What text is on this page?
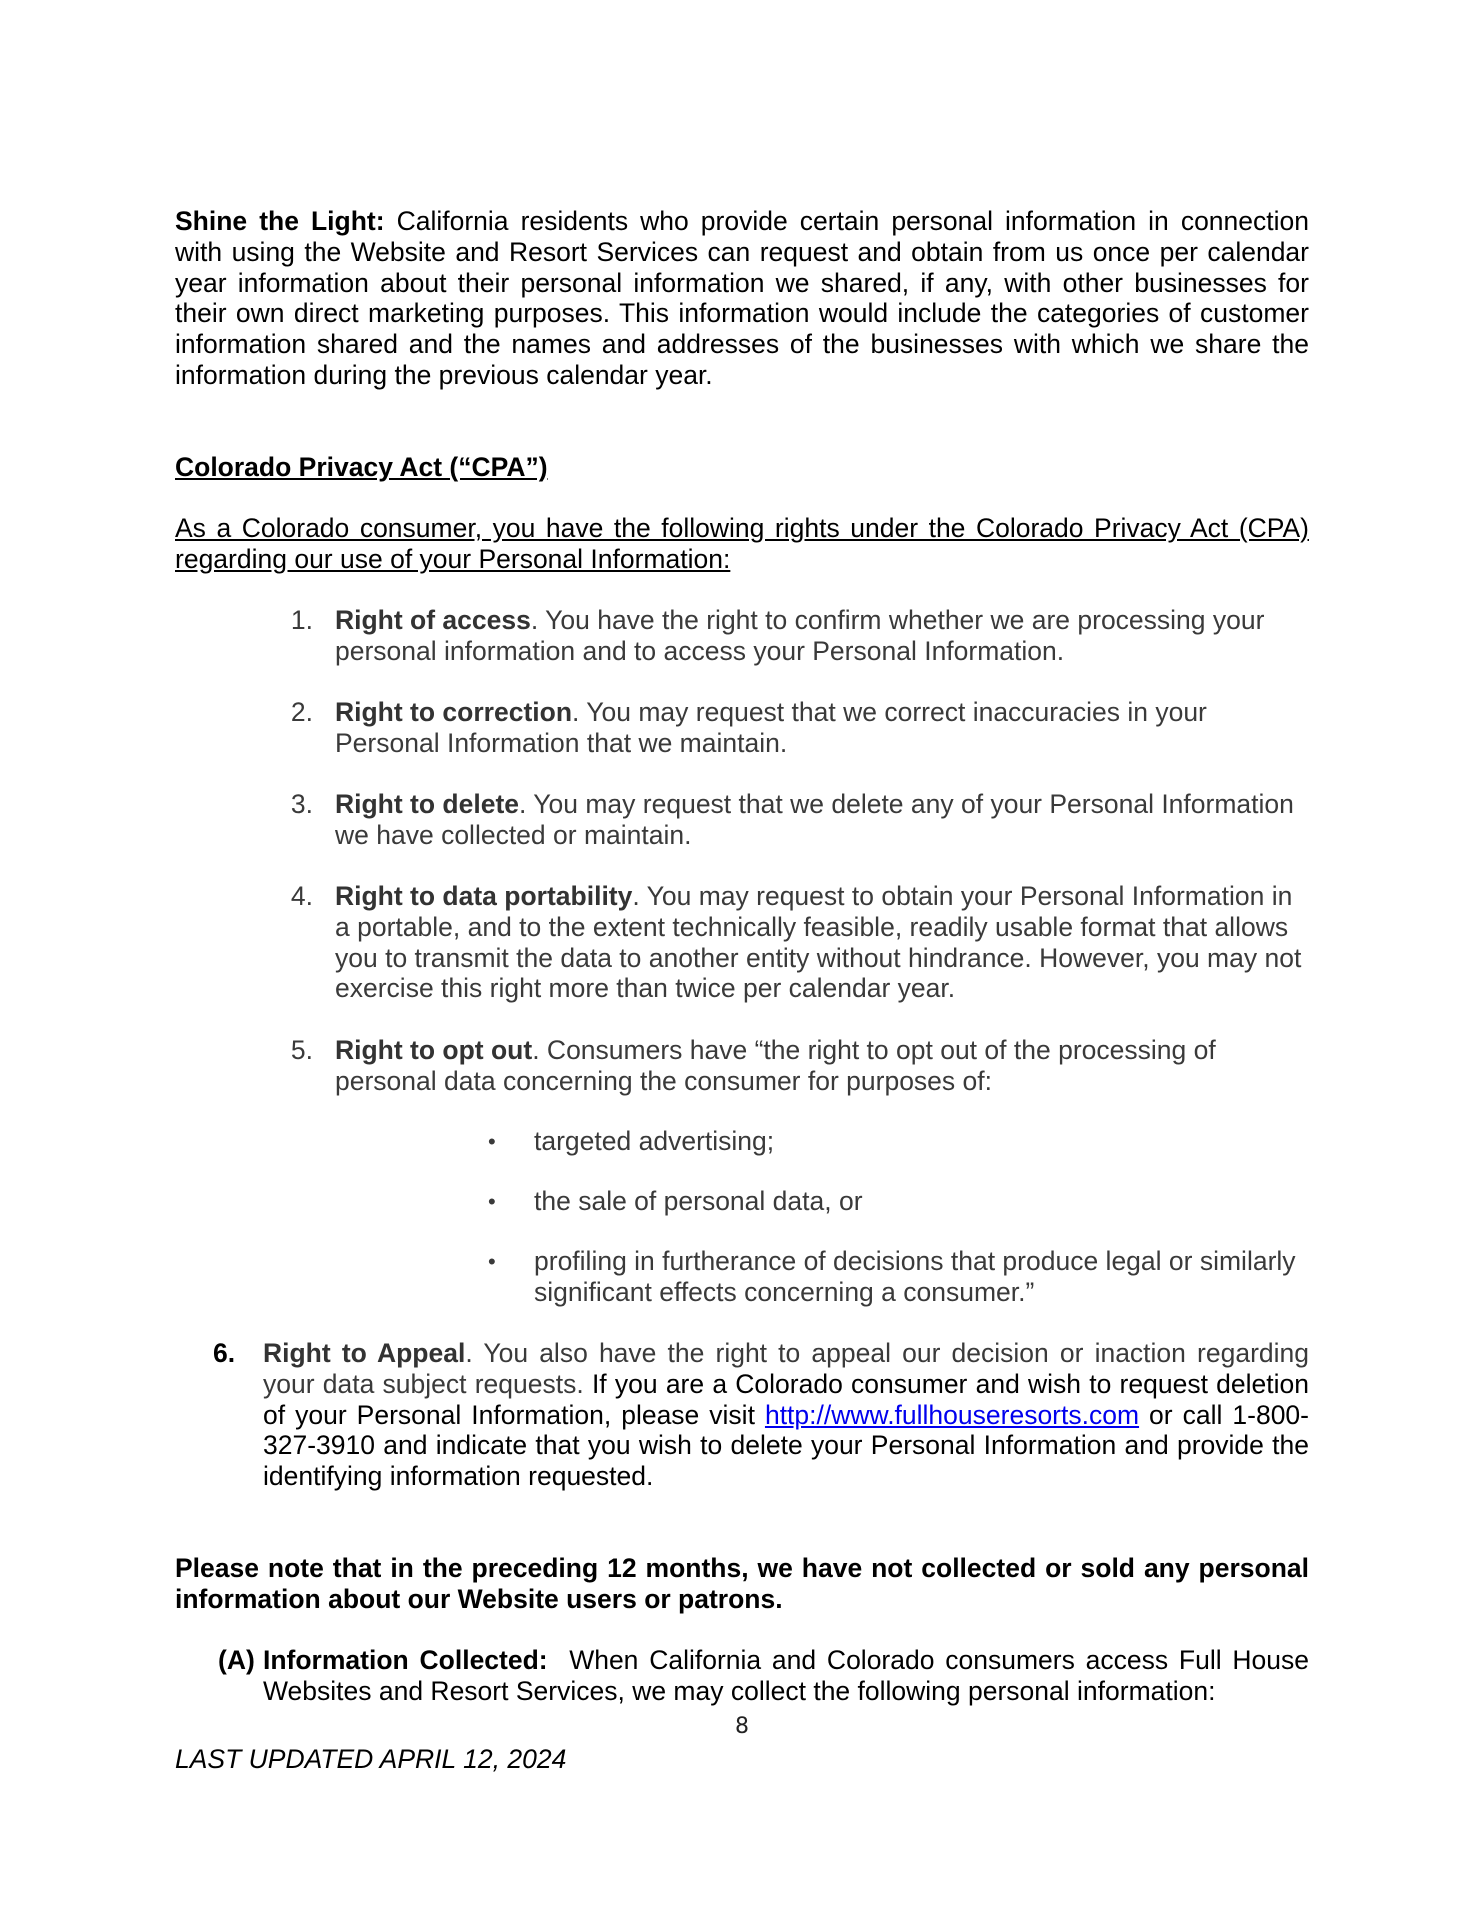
Shine the Light: California residents who provide certain personal information in connection with using the Website and Resort Services can request and obtain from us once per calendar year information about their personal information we shared, if any, with other businesses for their own direct marketing purposes. This information would include the categories of customer information shared and the names and addresses of the businesses with which we share the information during the previous calendar year.
Colorado Privacy Act (“CPA”)
As a Colorado consumer, you have the following rights under the Colorado Privacy Act (CPA) regarding our use of your Personal Information:
1. Right of access. You have the right to confirm whether we are processing your personal information and to access your Personal Information.
2. Right to correction. You may request that we correct inaccuracies in your Personal Information that we maintain.
3. Right to delete. You may request that we delete any of your Personal Information we have collected or maintain.
4. Right to data portability. You may request to obtain your Personal Information in a portable, and to the extent technically feasible, readily usable format that allows you to transmit the data to another entity without hindrance. However, you may not exercise this right more than twice per calendar year.
5. Right to opt out. Consumers have “the right to opt out of the processing of personal data concerning the consumer for purposes of:
• targeted advertising;
• the sale of personal data, or
• profiling in furtherance of decisions that produce legal or similarly significant effects concerning a consumer.”
6.	Right to Appeal. You also have the right to appeal our decision or inaction regarding your data subject requests. If you are a Colorado consumer and wish to request deletion of your Personal Information, please visit http://www.fullhouseresorts.com or call 1-800-327-3910 and indicate that you wish to delete your Personal Information and provide the identifying information requested.
Please note that in the preceding 12 months, we have not collected or sold any personal information about our Website users or patrons.
(A) Information Collected:  When California and Colorado consumers access Full House Websites and Resort Services, we may collect the following personal information:
8
LAST UPDATED APRIL 12, 2024
